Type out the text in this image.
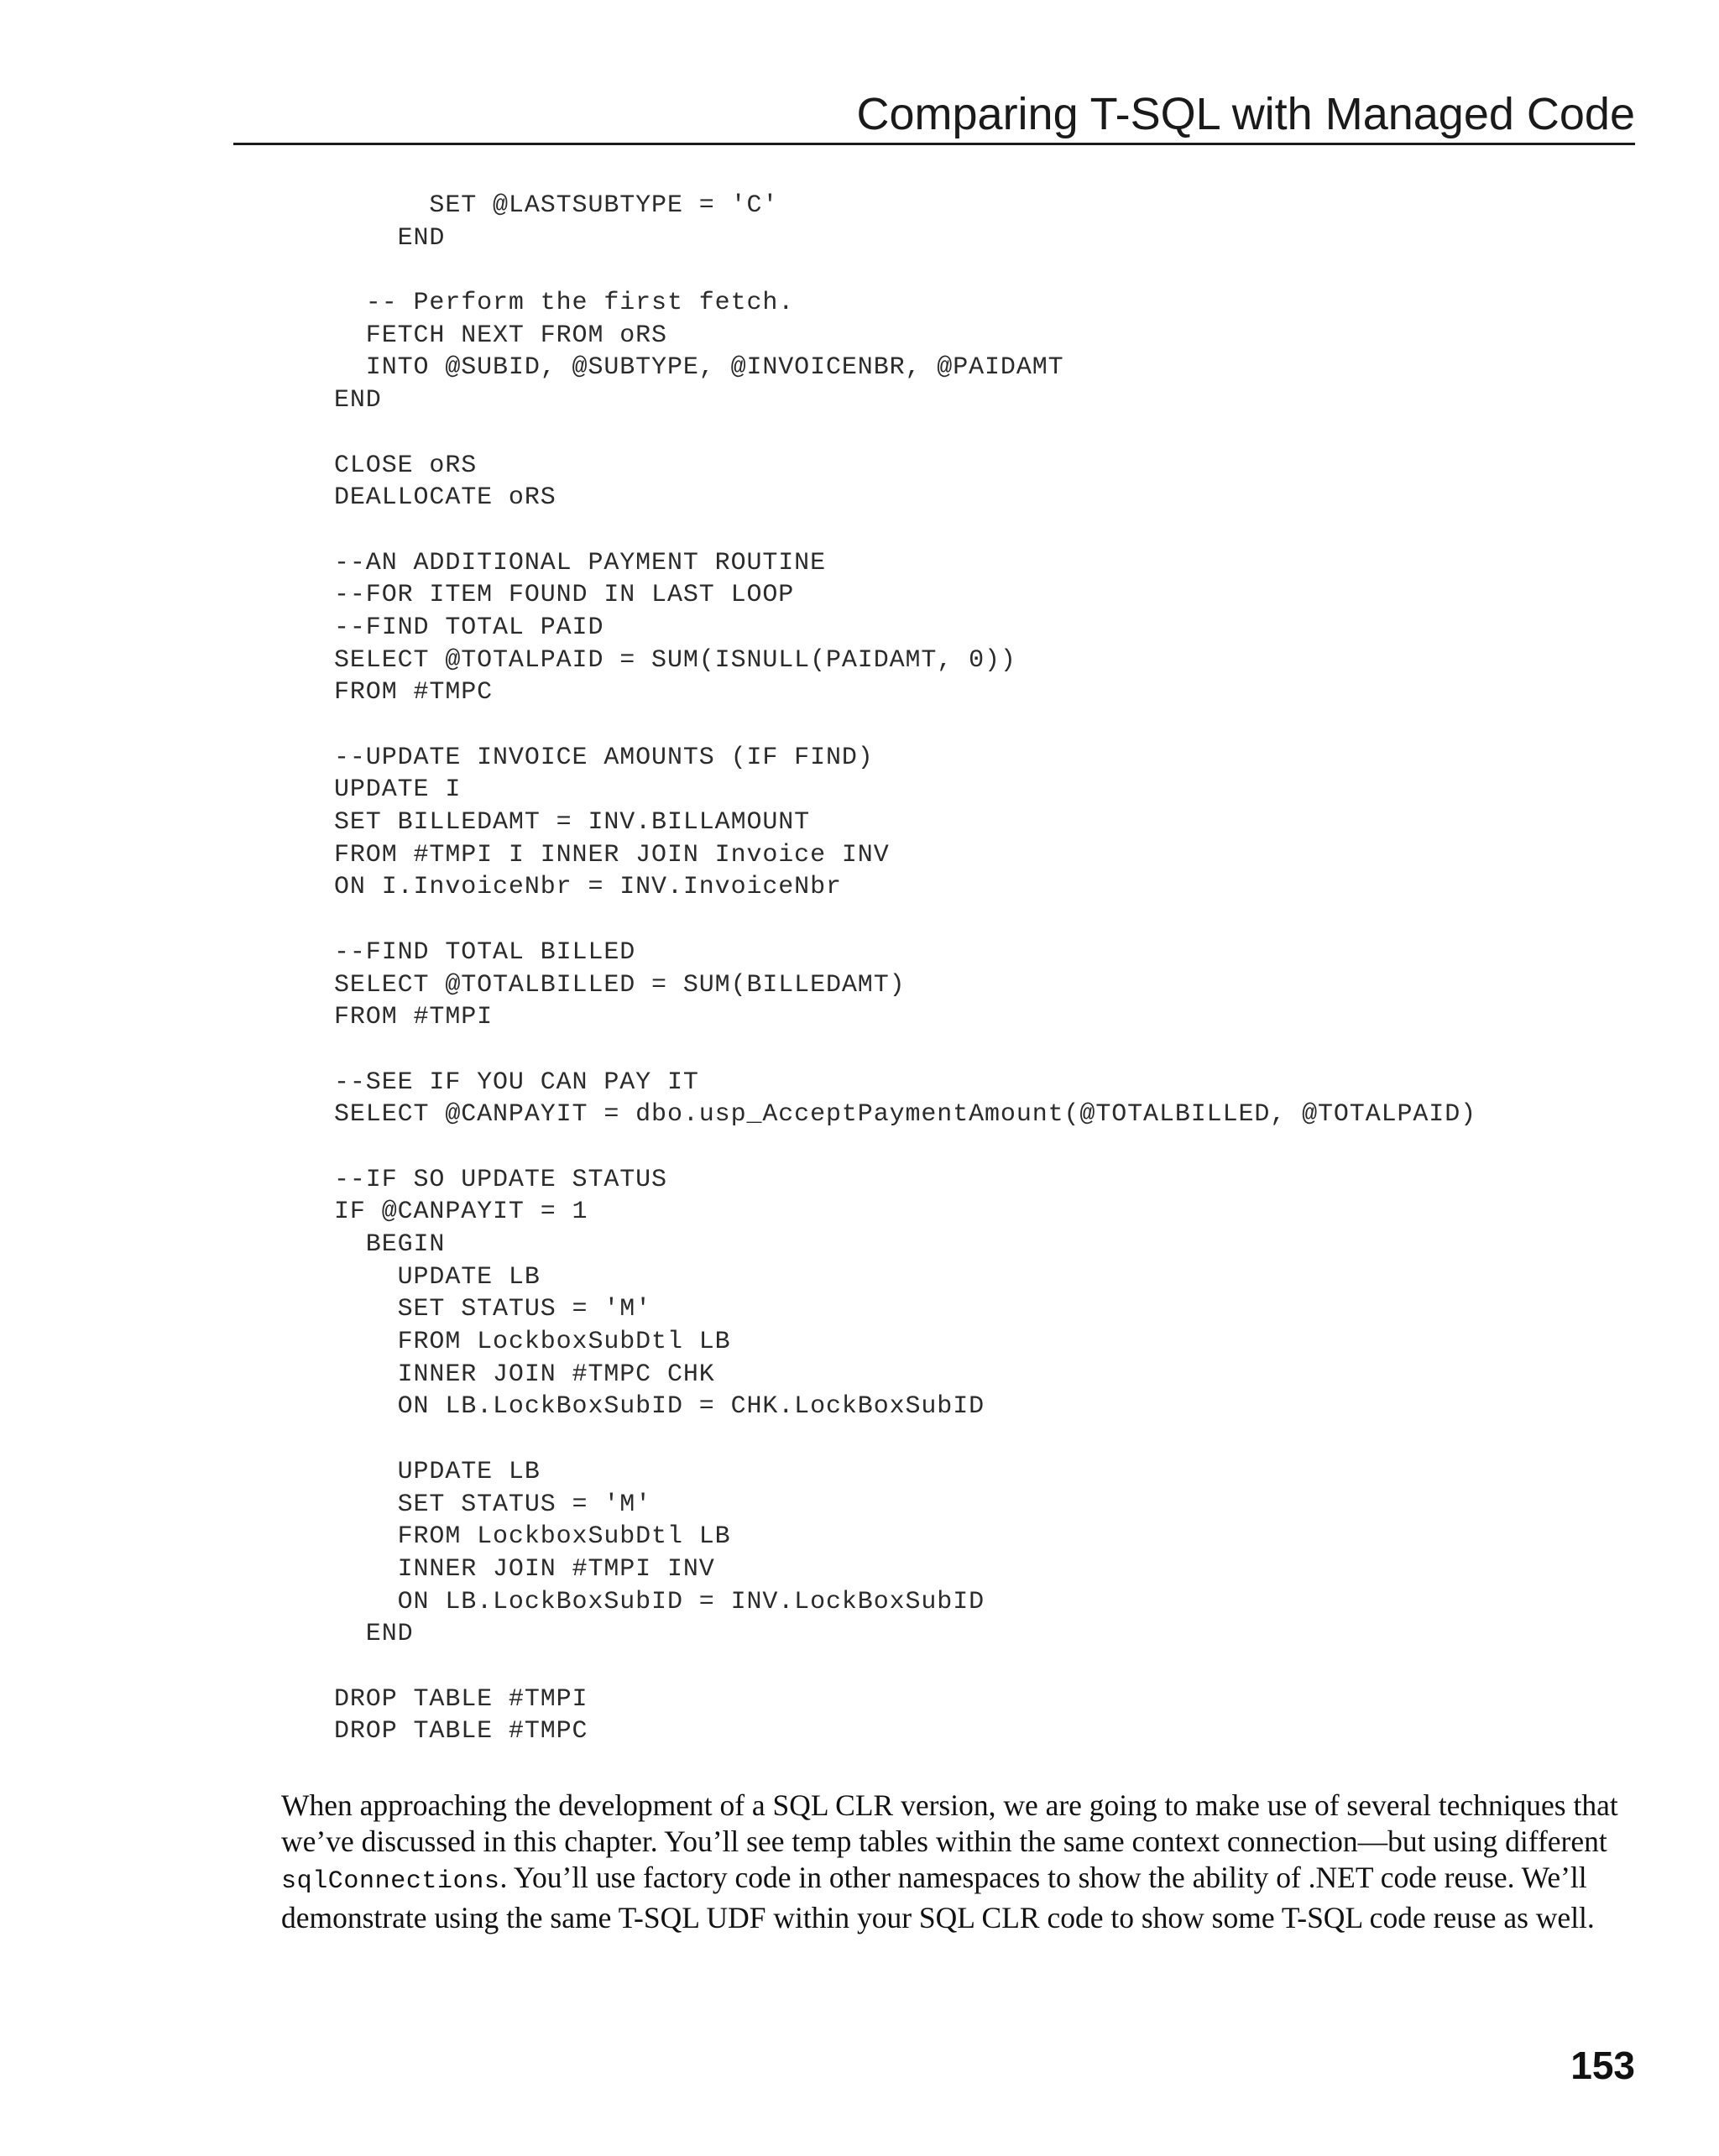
Comparing T-SQL with Managed Code
SET @LASTSUBTYPE = 'C'
END
-- Perform the first fetch.
FETCH NEXT FROM oRS
INTO @SUBID, @SUBTYPE, @INVOICENBR, @PAIDAMT
END
CLOSE oRS
DEALLOCATE oRS
--AN ADDITIONAL PAYMENT ROUTINE
--FOR ITEM FOUND IN LAST LOOP
--FIND TOTAL PAID
SELECT @TOTALPAID = SUM(ISNULL(PAIDAMT, 0))
FROM #TMPC
--UPDATE INVOICE AMOUNTS (IF FIND)
UPDATE I
SET BILLEDAMT = INV.BILLAMOUNT
FROM #TMPI I INNER JOIN Invoice INV
ON I.InvoiceNbr = INV.InvoiceNbr
--FIND TOTAL BILLED
SELECT @TOTALBILLED = SUM(BILLEDAMT)
FROM #TMPI
--SEE IF YOU CAN PAY IT
SELECT @CANPAYIT = dbo.usp_AcceptPaymentAmount(@TOTALBILLED, @TOTALPAID)
--IF SO UPDATE STATUS
IF @CANPAYIT = 1
BEGIN
UPDATE LB
SET STATUS = 'M'
FROM LockboxSubDtl LB
INNER JOIN #TMPC CHK
ON LB.LockBoxSubID = CHK.LockBoxSubID
UPDATE LB
SET STATUS = 'M'
FROM LockboxSubDtl LB
INNER JOIN #TMPI INV
ON LB.LockBoxSubID = INV.LockBoxSubID
END
DROP TABLE #TMPI
DROP TABLE #TMPC

When approaching the development of a SQL CLR version, we are going to make use of several techniques that we’ve discussed in this chapter. You’ll see temp tables within the same context connection—but using different sqlConnections. You’ll use factory code in other namespaces to show the ability of .NET code reuse. We’ll demonstrate using the same T-SQL UDF within your SQL CLR code to show some T-SQL code reuse as well.

153
